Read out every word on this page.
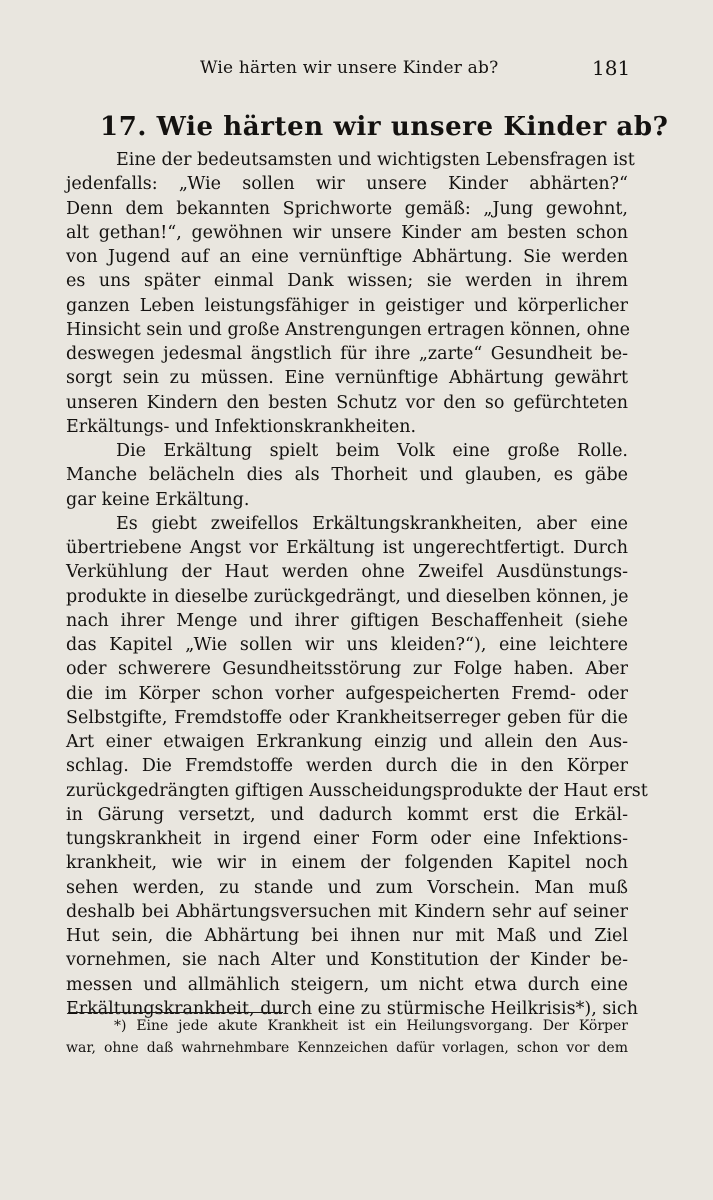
Wie härten wir unsere Kinder ab?	181
17. Wie härten wir unsere Kinder ab?
Eine der bedeutsamsten und wichtigsten Lebensfragen ist
jedenfalls: „Wie sollen wir unsere Kinder abhärten?“
Denn dem bekannten Sprichworte gemäß: „Jung gewohnt,
alt gethan!“, gewöhnen wir unsere Kinder am besten schon
von Jugend auf an eine vernünftige Abhärtung. Sie werden
es uns später einmal Dank wissen; sie werden in ihrem
ganzen Leben leistungsfähiger in geistiger und körperlicher
Hinsicht sein und große Anstrengungen ertragen können, ohne
deswegen jedesmal ängstlich für ihre „zarte“ Gesundheit be-
sorgt sein zu müssen. Eine vernünftige Abhärtung gewährt
unseren Kindern den besten Schutz vor den so gefürchteten
Erkältungs- und Infektionskrankheiten.
Die Erkältung spielt beim Volk eine große Rolle.
Manche belächeln dies als Thorheit und glauben, es gäbe
gar keine Erkältung.
Es giebt zweifellos Erkältungskrankheiten, aber eine
übertriebene Angst vor Erkältung ist ungerechtfertigt. Durch
Verkühlung der Haut werden ohne Zweifel Ausdünstungs-
produkte in dieselbe zurückgedrängt, und dieselben können, je
nach ihrer Menge und ihrer giftigen Beschaffenheit (siehe
das Kapitel „Wie sollen wir uns kleiden?“), eine leichtere
oder schwerere Gesundheitsstörung zur Folge haben. Aber
die im Körper schon vorher aufgespeicherten Fremd- oder
Selbstgifte, Fremdstoffe oder Krankheitserreger geben für die
Art einer etwaigen Erkrankung einzig und allein den Aus-
schlag. Die Fremdstoffe werden durch die in den Körper
zurückgedrängten giftigen Ausscheidungsprodukte der Haut erst
in Gärung versetzt, und dadurch kommt erst die Erkäl-
tungskrankheit in irgend einer Form oder eine Infektions-
krankheit, wie wir in einem der folgenden Kapitel noch
sehen werden, zu stande und zum Vorschein. Man muß
deshalb bei Abhärtungsversuchen mit Kindern sehr auf seiner
Hut sein, die Abhärtung bei ihnen nur mit Maß und Ziel
vornehmen, sie nach Alter und Konstitution der Kinder be-
messen und allmählich steigern, um nicht etwa durch eine
Erkältungskrankheit, durch eine zu stürmische Heilkrisis*), sich
*) Eine jede akute Krankheit ist ein Heilungsvorgang. Der Körper
war, ohne daß wahrnehmbare Kennzeichen dafür vorlagen, schon vor dem
